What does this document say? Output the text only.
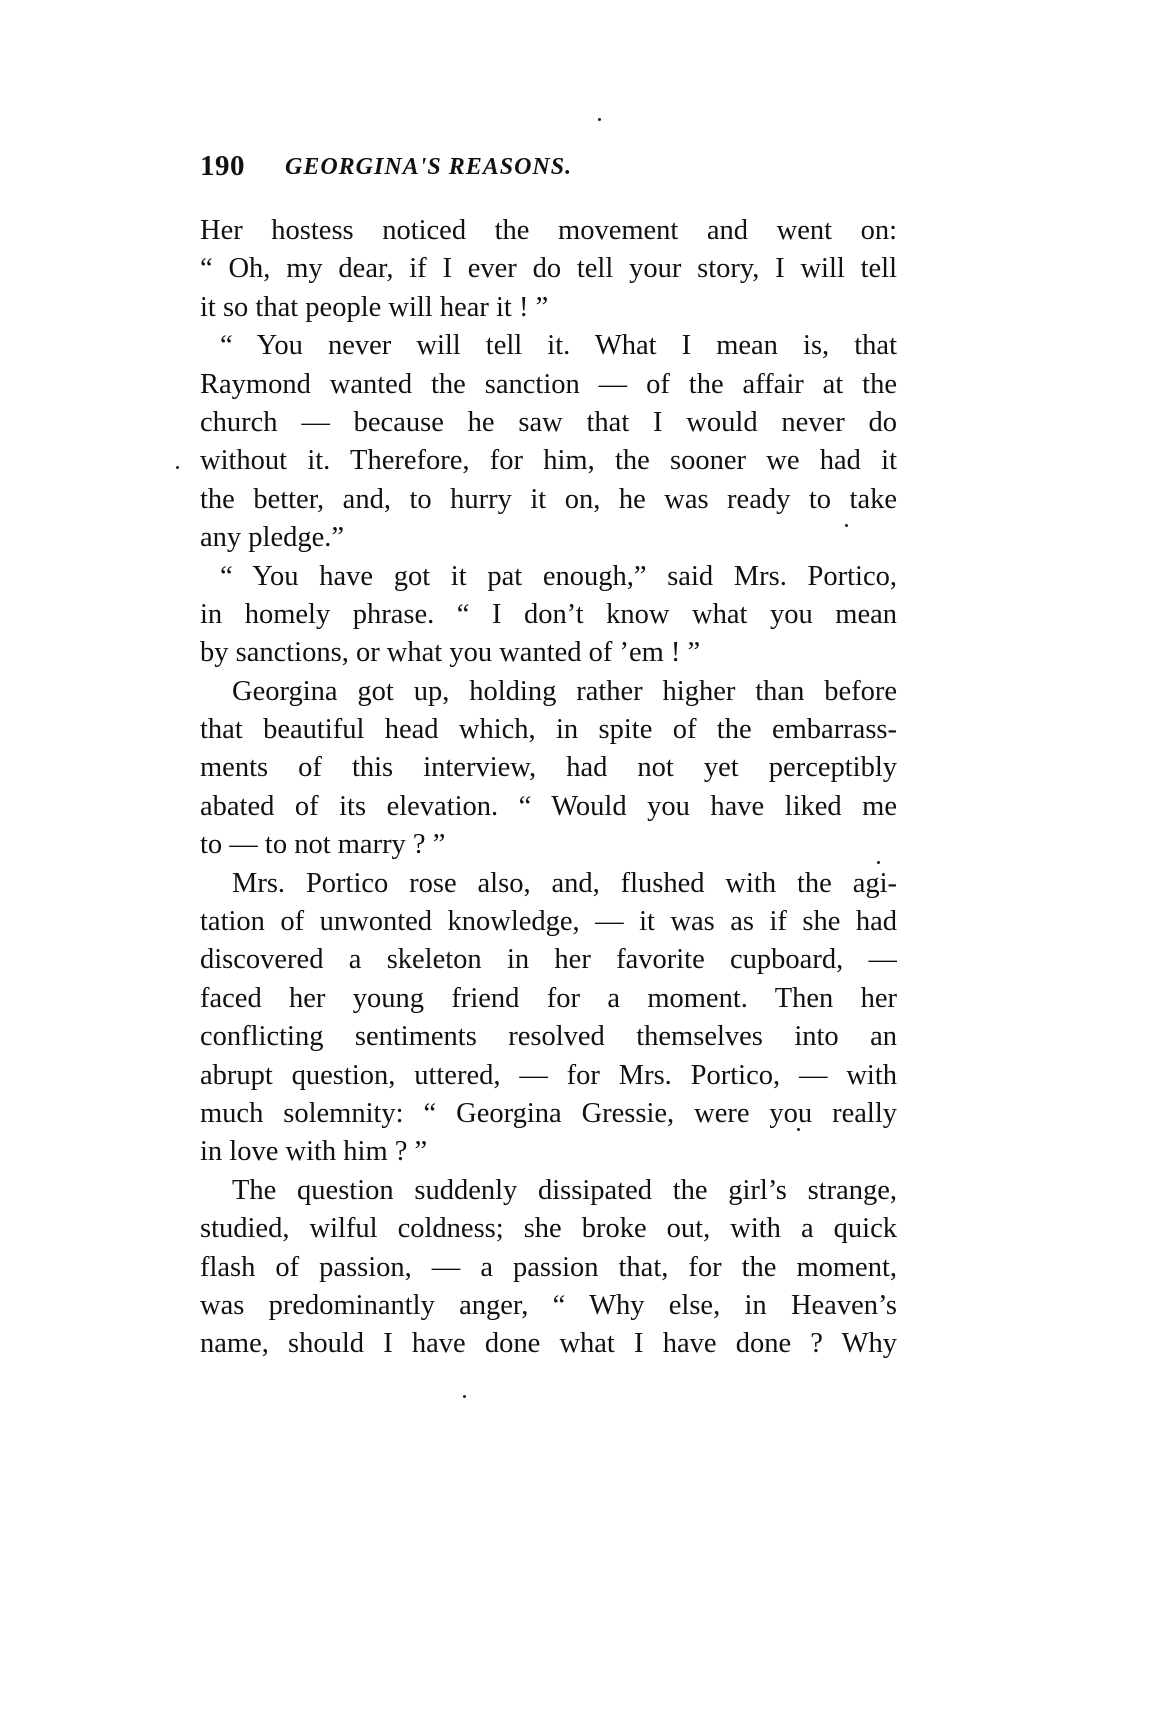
190 GEORGINA'S REASONS.
Her hostess noticed the movement and went on:
“ Oh, my dear, if I ever do tell your story, I will tell
it so that people will hear it ! ”
“ You never will tell it. What I mean is, that
Raymond wanted the sanction — of the affair at the
church — because he saw that I would never do
without it. Therefore, for him, the sooner we had it
the better, and, to hurry it on, he was ready to take
any pledge.”
“ You have got it pat enough,” said Mrs. Portico,
in homely phrase. “ I don’t know what you mean
by sanctions, or what you wanted of ’em ! ”
Georgina got up, holding rather higher than before
that beautiful head which, in spite of the embarrass-
ments of this interview, had not yet perceptibly
abated of its elevation. “ Would you have liked me
to — to not marry ? ”
Mrs. Portico rose also, and, flushed with the agi-
tation of unwonted knowledge, — it was as if she had
discovered a skeleton in her favorite cupboard, —
faced her young friend for a moment. Then her
conflicting sentiments resolved themselves into an
abrupt question, uttered, — for Mrs. Portico, — with
much solemnity: “ Georgina Gressie, were you really
in love with him ? ”
The question suddenly dissipated the girl’s strange,
studied, wilful coldness; she broke out, with a quick
flash of passion, — a passion that, for the moment,
was predominantly anger, “ Why else, in Heaven’s
name, should I have done what I have done ? Why
